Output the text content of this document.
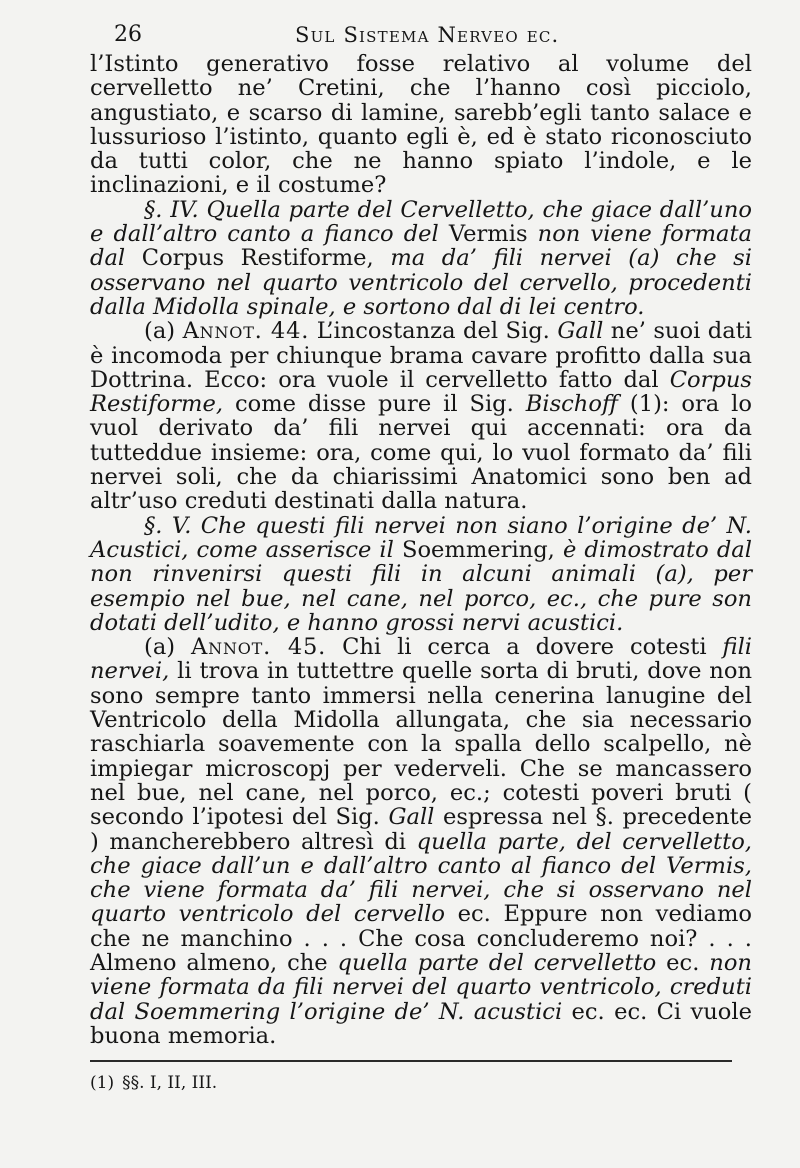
26	Sul Sistema Nerveo ec.

l’Istinto generativo fosse relativo al volume del cervelletto ne’ Cretini, che l’hanno così picciolo, angustiato, e scarso di lamine, sarebb’egli tanto salace e lussurioso l’istinto, quanto egli è, ed è stato riconosciuto da tutti color, che ne hanno spiato l’indole, e le inclinazioni, e il costume?

§. IV. Quella parte del Cervelletto, che giace dall’uno e dall’altro canto a fianco del Vermis non viene formata dal Corpus Restiforme, ma da’ fili nervei (a) che si osservano nel quarto ventricolo del cervello, procedenti dalla Midolla spinale, e sortono dal di lei centro.

(a) Annot. 44. L’incostanza del Sig. Gall ne’ suoi dati è incomoda per chiunque brama cavare profitto dalla sua Dottrina. Ecco: ora vuole il cervelletto fatto dal Corpus Restiforme, come disse pure il Sig. Bischoff (1): ora lo vuol derivato da’ fili nervei qui accennati: ora da tutteddue insieme: ora, come qui, lo vuol formato da’ fili nervei soli, che da chiarissimi Anatomici sono ben ad altr’uso creduti destinati dalla natura.

§. V. Che questi fili nervei non siano l’origine de’ N. Acustici, come asserisce il Soemmering, è dimostrato dal non rinvenirsi questi fili in alcuni animali (a), per esempio nel bue, nel cane, nel porco, ec., che pure son dotati dell’udito, e hanno grossi nervi acustici.

(a) Annot. 45. Chi li cerca a dovere cotesti fili nervei, li trova in tuttettre quelle sorta di bruti, dove non sono sempre tanto immersi nella cenerina lanugine del Ventricolo della Midolla allungata, che sia necessario raschiarla soavemente con la spalla dello scalpello, nè impiegar microscopj per vederveli. Che se mancassero nel bue, nel cane, nel porco, ec.; cotesti poveri bruti ( secondo l’ipotesi del Sig. Gall espressa nel §. precedente ) mancherebbero altresì di quella parte, del cervelletto, che giace dall’un e dall’altro canto al fianco del Vermis, che viene formata da’ fili nervei, che si osservano nel quarto ventricolo del cervello ec. Eppure non vediamo che ne manchino . . . Che cosa concluderemo noi? . . . Almeno almeno, che quella parte del cervelletto ec. non viene formata da fili nervei del quarto ventricolo, creduti dal Soemmering l’origine de’ N. acustici ec. ec. Ci vuole buona memoria.

(1) §§. I, II, III.
